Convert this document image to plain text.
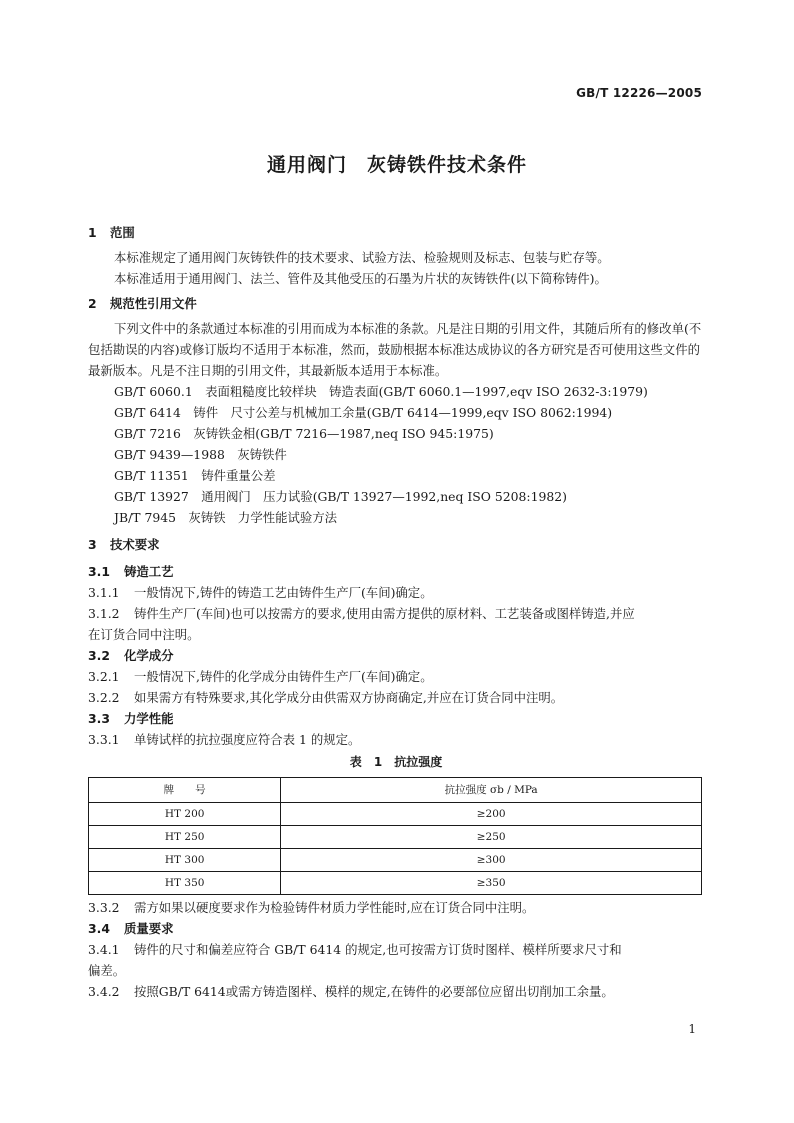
GB/T 12226—2005
通用阀门　灰铸铁件技术条件
1 范围

本标准规定了通用阀门灰铸铁件的技术要求、试验方法、检验规则及标志、包装与贮存等。

本标准适用于通用阀门、法兰、管件及其他受压的石墨为片状的灰铸铁件(以下简称铸件)。

2 规范性引用文件

下列文件中的条款通过本标准的引用而成为本标准的条款。凡是注日期的引用文件，其随后所有的修改单(不包括勘误的内容)或修订版均不适用于本标准，然而，鼓励根据本标准达成协议的各方研究是否可使用这些文件的最新版本。凡是不注日期的引用文件，其最新版本适用于本标准。

GB/T 6060.1　表面粗糙度比较样块　铸造表面(GB/T 6060.1—1997,eqv ISO 2632-3:1979)

GB/T 6414　铸件　尺寸公差与机械加工余量(GB/T 6414—1999,eqv ISO 8062:1994)

GB/T 7216　灰铸铁金相(GB/T 7216—1987,neq ISO 945:1975)

GB/T 9439—1988　灰铸铁件

GB/T 11351　铸件重量公差

GB/T 13927　通用阀门　压力试验(GB/T 13927—1992,neq ISO 5208:1982)

JB/T 7945　灰铸铁　力学性能试验方法

3 技术要求
3.1 铸造工艺

3.1.1 一般情况下,铸件的铸造工艺由铸件生产厂(车间)确定。

3.1.2 铸件生产厂(车间)也可以按需方的要求,使用由需方提供的原材料、工艺装备或图样铸造,并应

在订货合同中注明。

3.2 化学成分

3.2.1 一般情况下,铸件的化学成分由铸件生产厂(车间)确定。

3.2.2 如果需方有特殊要求,其化学成分由供需双方协商确定,并应在订货合同中注明。

3.3 力学性能

3.3.1 单铸试样的抗拉强度应符合表 1 的规定。

表 1　抗拉强度
牌　　号	抗拉强度 σb / MPa
HT 200	≥200
HT 250	≥250
HT 300	≥300
HT 350	≥350

3.3.2 需方如果以硬度要求作为检验铸件材质力学性能时,应在订货合同中注明。

3.4 质量要求

3.4.1 铸件的尺寸和偏差应符合 GB/T 6414 的规定,也可按需方订货时图样、模样所要求尺寸和

偏差。

3.4.2 按照GB/T 6414或需方铸造图样、模样的规定,在铸件的必要部位应留出切削加工余量。

1
